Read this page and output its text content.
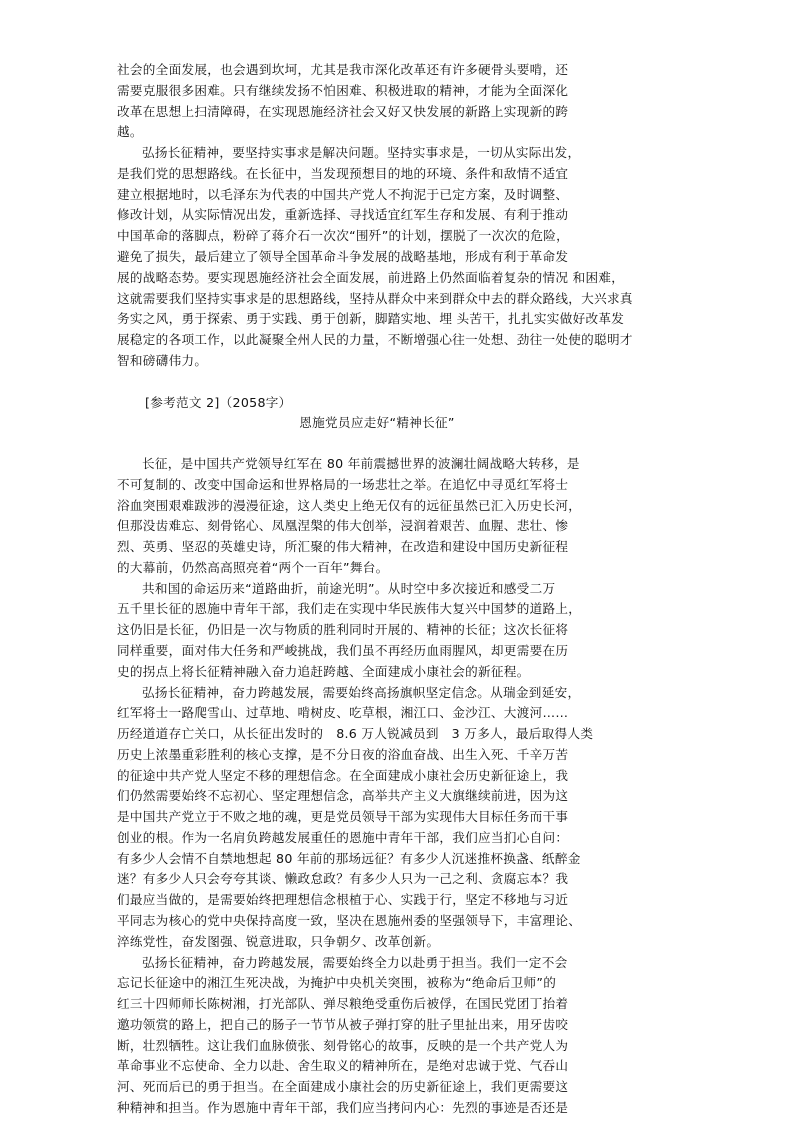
社会的全面发展，也会遇到坎坷，尤其是我市深化改革还有许多硬骨头要啃，还
需要克服很多困难。只有继续发扬不怕困难、积极进取的精神，才能为全面深化
改革在思想上扫清障碍，在实现恩施经济社会又好又快发展的新路上实现新的跨
越。
弘扬长征精神，要坚持实事求是解决问题。坚持实事求是，一切从实际出发，
是我们党的思想路线。在长征中，当发现预想目的地的环境、条件和敌情不适宜
建立根据地时，以毛泽东为代表的中国共产党人不拘泥于已定方案，及时调整、
修改计划，从实际情况出发，重新选择、寻找适宜红军生存和发展、有利于推动
中国革命的落脚点，粉碎了蒋介石一次次“围歼”的计划，摆脱了一次次的危险，
避免了损失，最后建立了领导全国革命斗争发展的战略基地，形成有利于革命发
展的战略态势。要实现恩施经济社会全面发展，前进路上仍然面临着复杂的情况 和困难，
这就需要我们坚持实事求是的思想路线，坚持从群众中来到群众中去的群众路线，大兴求真
务实之风，勇于探索、勇于实践、勇于创新，脚踏实地、埋 头苦干，扎扎实实做好改革发
展稳定的各项工作，以此凝聚全州人民的力量，不断增强心往一处想、劲往一处使的聪明才
智和磅礴伟力。
[参考范文 2]（2058字）
恩施党员应走好“精神长征”
长征，是中国共产党领导红军在 80 年前震撼世界的波澜壮阔战略大转移，是
不可复制的、改变中国命运和世界格局的一场悲壮之举。在追忆中寻觅红军将士
浴血突围艰难跋涉的漫漫征途，这人类史上绝无仅有的远征虽然已汇入历史长河，
但那没齿难忘、刻骨铭心、凤凰涅槃的伟大创举，浸润着艰苦、血腥、悲壮、惨
烈、英勇、坚忍的英雄史诗，所汇聚的伟大精神，在改造和建设中国历史新征程
的大幕前，仍然高高照亮着“两个一百年”舞台。
共和国的命运历来“道路曲折，前途光明”。从时空中多次接近和感受二万
五千里长征的恩施中青年干部，我们走在实现中华民族伟大复兴中国梦的道路上，
这仍旧是长征，仍旧是一次与物质的胜利同时开展的、精神的长征；这次长征将
同样重要，面对伟大任务和严峻挑战，我们虽不再经历血雨腥风，却更需要在历
史的拐点上将长征精神融入奋力追赶跨越、全面建成小康社会的新征程。
弘扬长征精神，奋力跨越发展，需要始终高扬旗帜坚定信念。从瑞金到延安，
红军将士一路爬雪山、过草地、啃树皮、吃草根，湘江口、金沙江、大渡河……
历经道道存亡关口，从长征出发时的　8.6 万人锐减员到　3 万多人，最后取得人类
历史上浓墨重彩胜利的核心支撑，是不分日夜的浴血奋战、出生入死、千辛万苦
的征途中共产党人坚定不移的理想信念。在全面建成小康社会历史新征途上，我
们仍然需要始终不忘初心、坚定理想信念，高举共产主义大旗继续前进，因为这
是中国共产党立于不败之地的魂，更是党员领导干部为实现伟大目标任务而干事
创业的根。作为一名肩负跨越发展重任的恩施中青年干部，我们应当扪心自问：
有多少人会情不自禁地想起 80 年前的那场远征？有多少人沉迷推杯换盏、纸醉金
迷？有多少人只会夸夸其谈、懒政怠政？有多少人只为一己之利、贪腐忘本？我
们最应当做的，是需要始终把理想信念根植于心、实践于行，坚定不移地与习近
平同志为核心的党中央保持高度一致，坚决在恩施州委的坚强领导下，丰富理论、
淬练党性，奋发图强、锐意进取，只争朝夕、改革创新。
弘扬长征精神，奋力跨越发展，需要始终全力以赴勇于担当。我们一定不会
忘记长征途中的湘江生死决战，为掩护中央机关突围，被称为“绝命后卫师”的
红三十四师师长陈树湘，打光部队、弹尽粮绝受重伤后被俘，在国民党团丁抬着
邀功领赏的路上，把自己的肠子一节节从被子弹打穿的肚子里扯出来，用牙齿咬
断，壮烈牺牲。这让我们血脉偾张、刻骨铭心的故事，反映的是一个共产党人为
革命事业不忘使命、全力以赴、舍生取义的精神所在，是绝对忠诚于党、气吞山
河、死而后已的勇于担当。在全面建成小康社会的历史新征途上，我们更需要这
种精神和担当。作为恩施中青年干部，我们应当拷问内心：先烈的事迹是否还是
